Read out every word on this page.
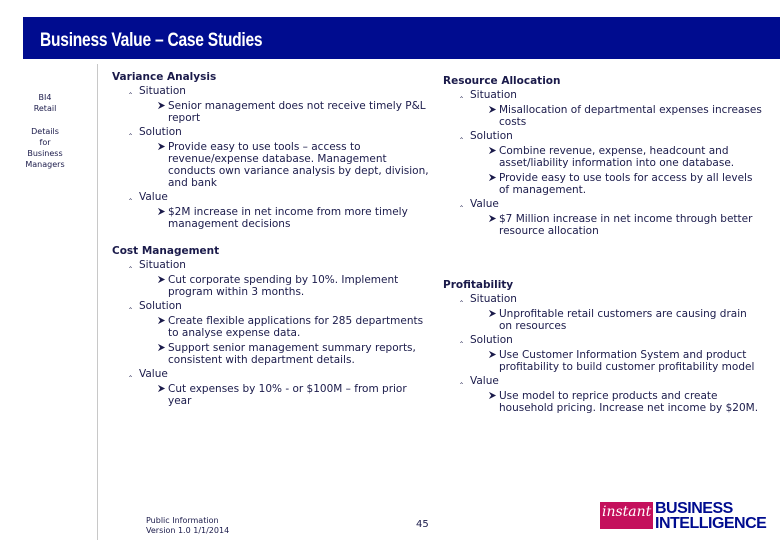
Business Value – Case Studies
BI4
Retail
Details
for
Business
Managers
Variance Analysis
‸ Situation
Senior management does not receive timely P&L report
‸ Solution
Provide easy to use tools – access to revenue/expense database. Management conducts own variance analysis by dept, division, and bank
‸ Value
$2M increase in net income from more timely management decisions
Cost Management
‸ Situation
Cut corporate spending by 10%. Implement program within 3 months.
‸ Solution
Create flexible applications for 285 departments to analyse expense data.
Support senior management summary reports, consistent with department details.
‸ Value
Cut expenses by 10% - or $100M – from prior year
Resource Allocation
‸ Situation
Misallocation of departmental expenses increases costs
‸ Solution
Combine revenue, expense, headcount and asset/liability information into one database.
Provide easy to use tools for access by all levels of management.
‸ Value
$7 Million increase in net income through better resource allocation
Profitability
‸ Situation
Unprofitable retail customers are causing drain on resources
‸ Solution
Use Customer Information System and product profitability to build customer profitability model
‸ Value
Use model to reprice products and create household pricing. Increase net income by $20M.
Public Information
Version 1.0 1/1/2014
45
instant BUSINESS
INTELLIGENCE
